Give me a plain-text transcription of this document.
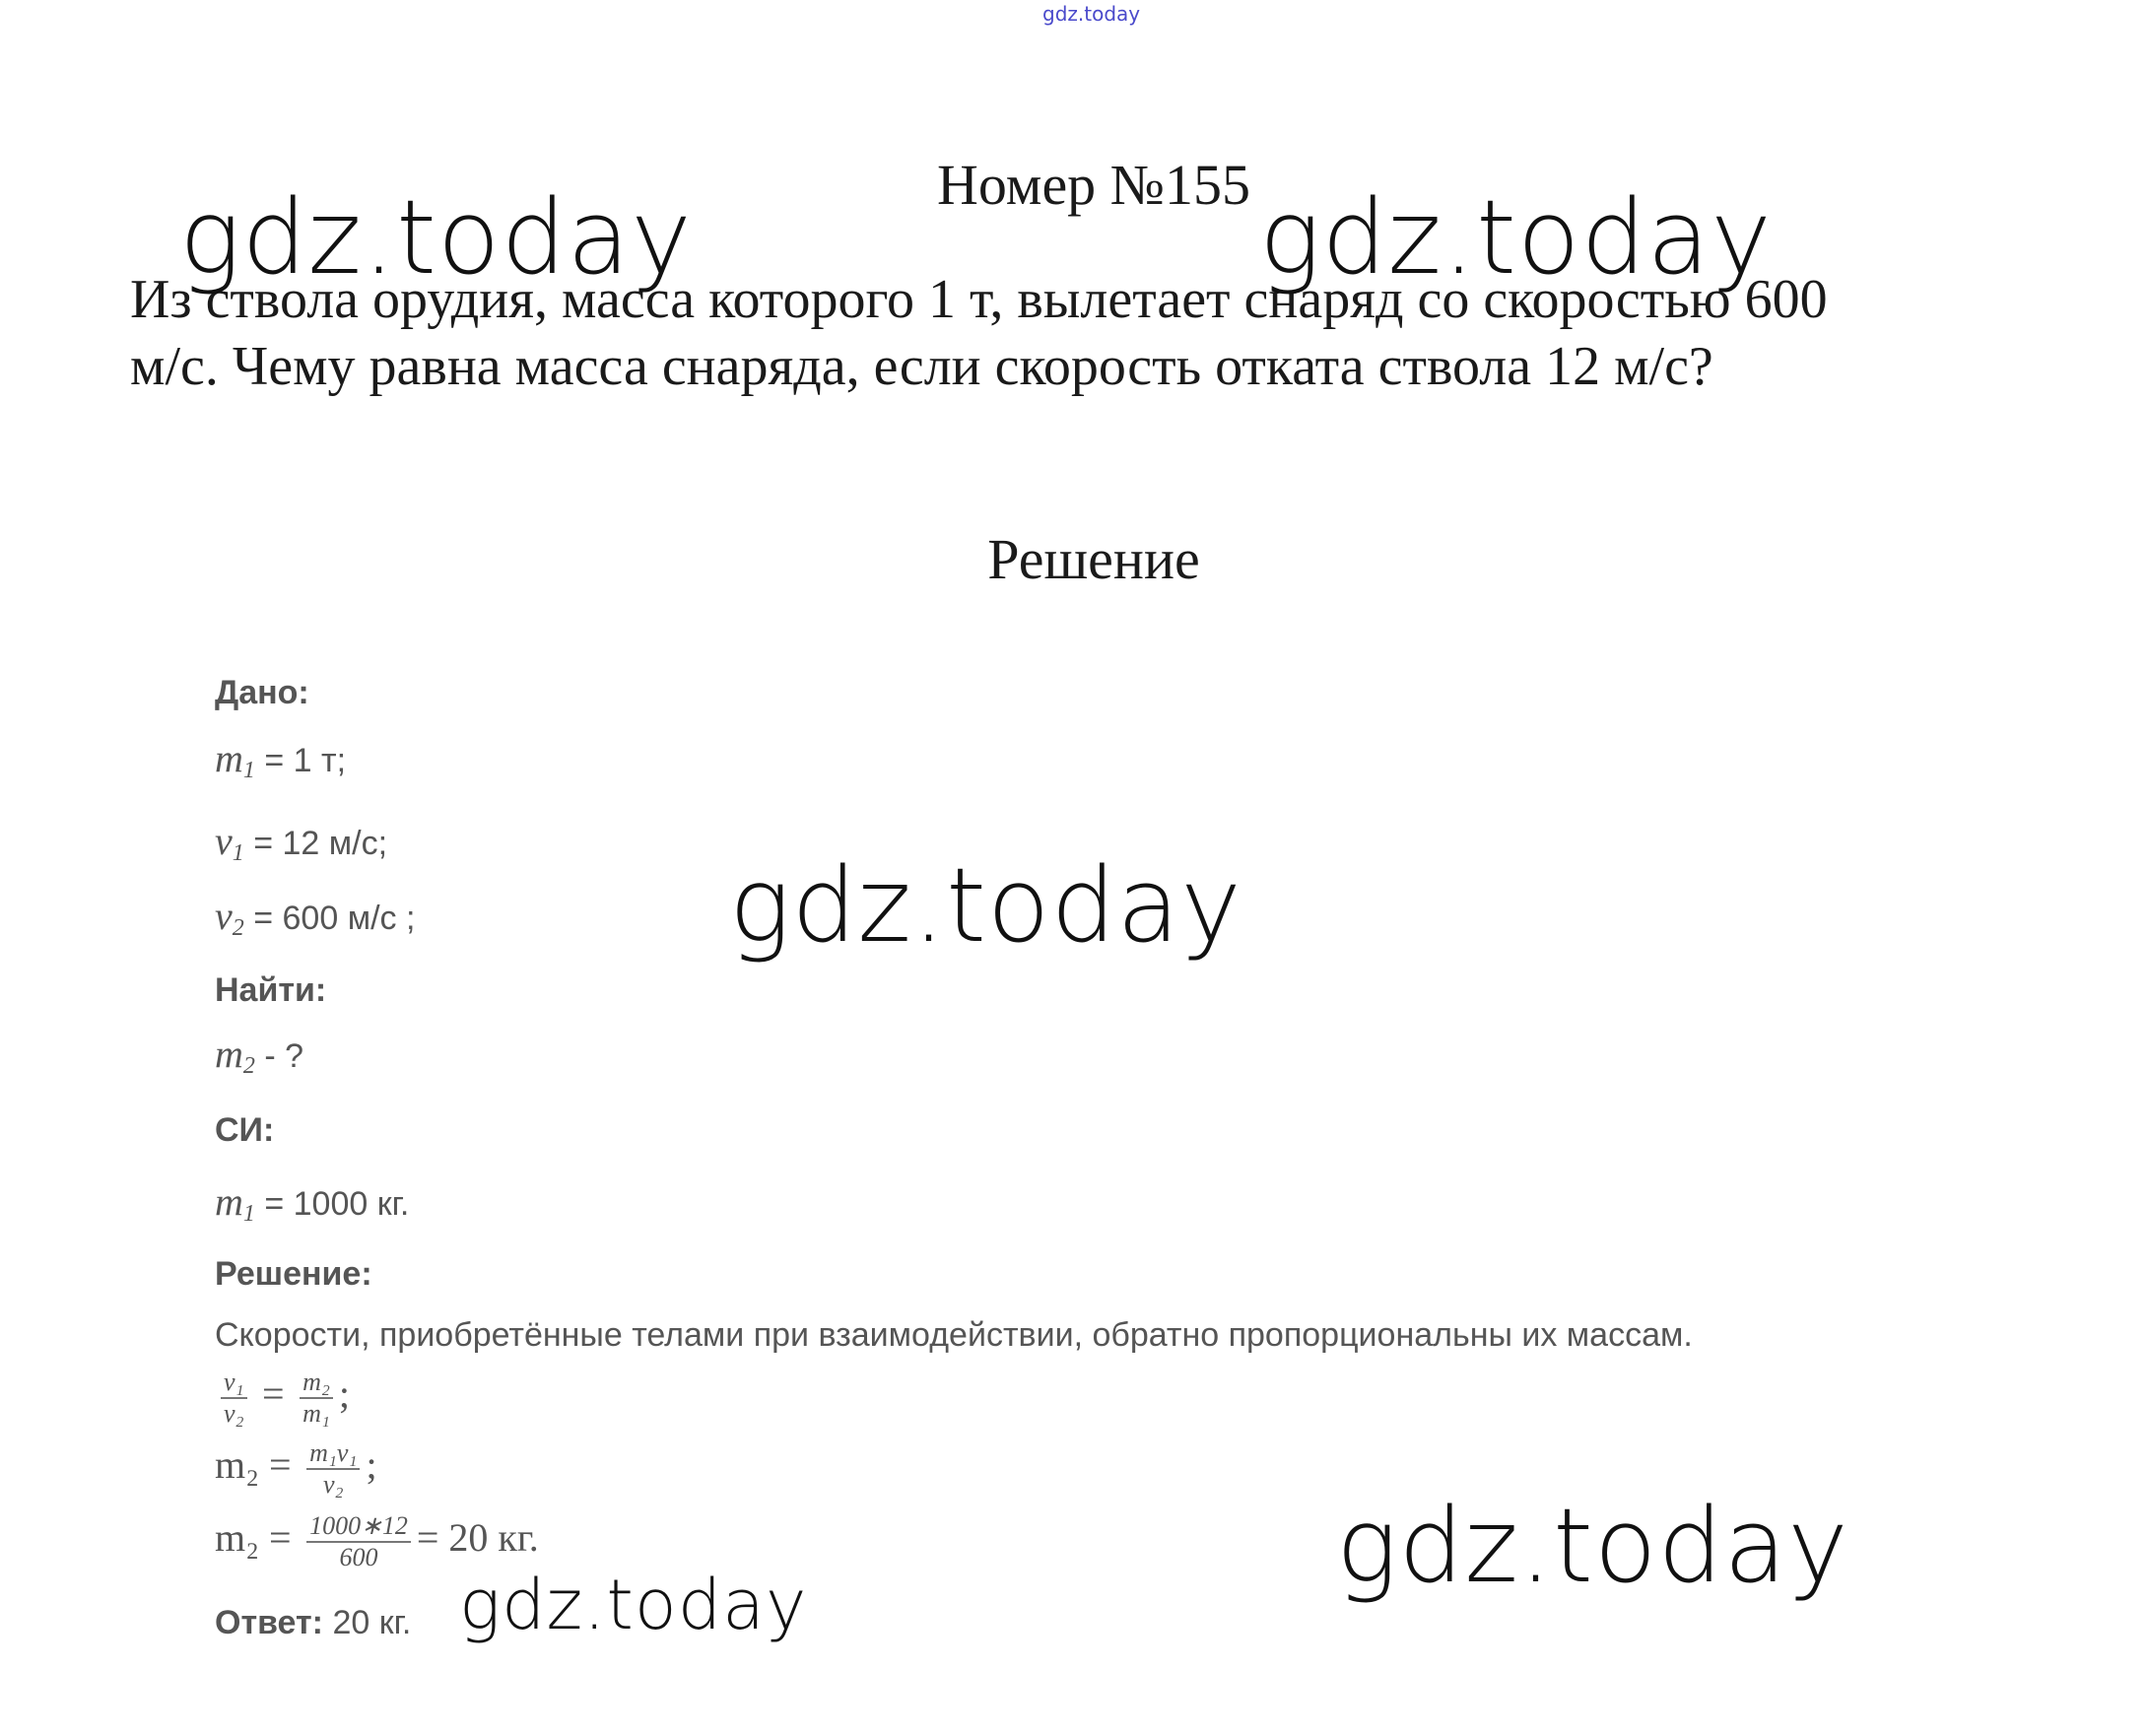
gdz.today
Номер №155
Из ствола орудия, масса которого 1 т, вылетает снаряд со скоростью 600 м/с. Чему равна масса снаряда, если скорость отката ствола 12 м/с?
Решение
Дано:
$m_1 = 1$ т;
$v_1 = 12$ м/с;
$v_2 = 600$ м/с ;
Найти:
$m_2$ - ?
СИ:
$m_1 = 1000$ кг.
Решение:
Скорости, приобретённые телами при взаимодействии, обратно пропорциональны их массам.
$\frac{\text{v₁}}{\text{v₂}} = \frac{\text{m₂}}{\text{m₁}}$ ;
$m_2 = \frac{\text{m₁v₁}}{\text{v₂}}$ ;
$m_2 = \frac{1000∗12}{600} = 20$ кг.
Ответ: 20 кг.
gdz.today	gdz.today
gdz.today
gdz.today
gdz.today
